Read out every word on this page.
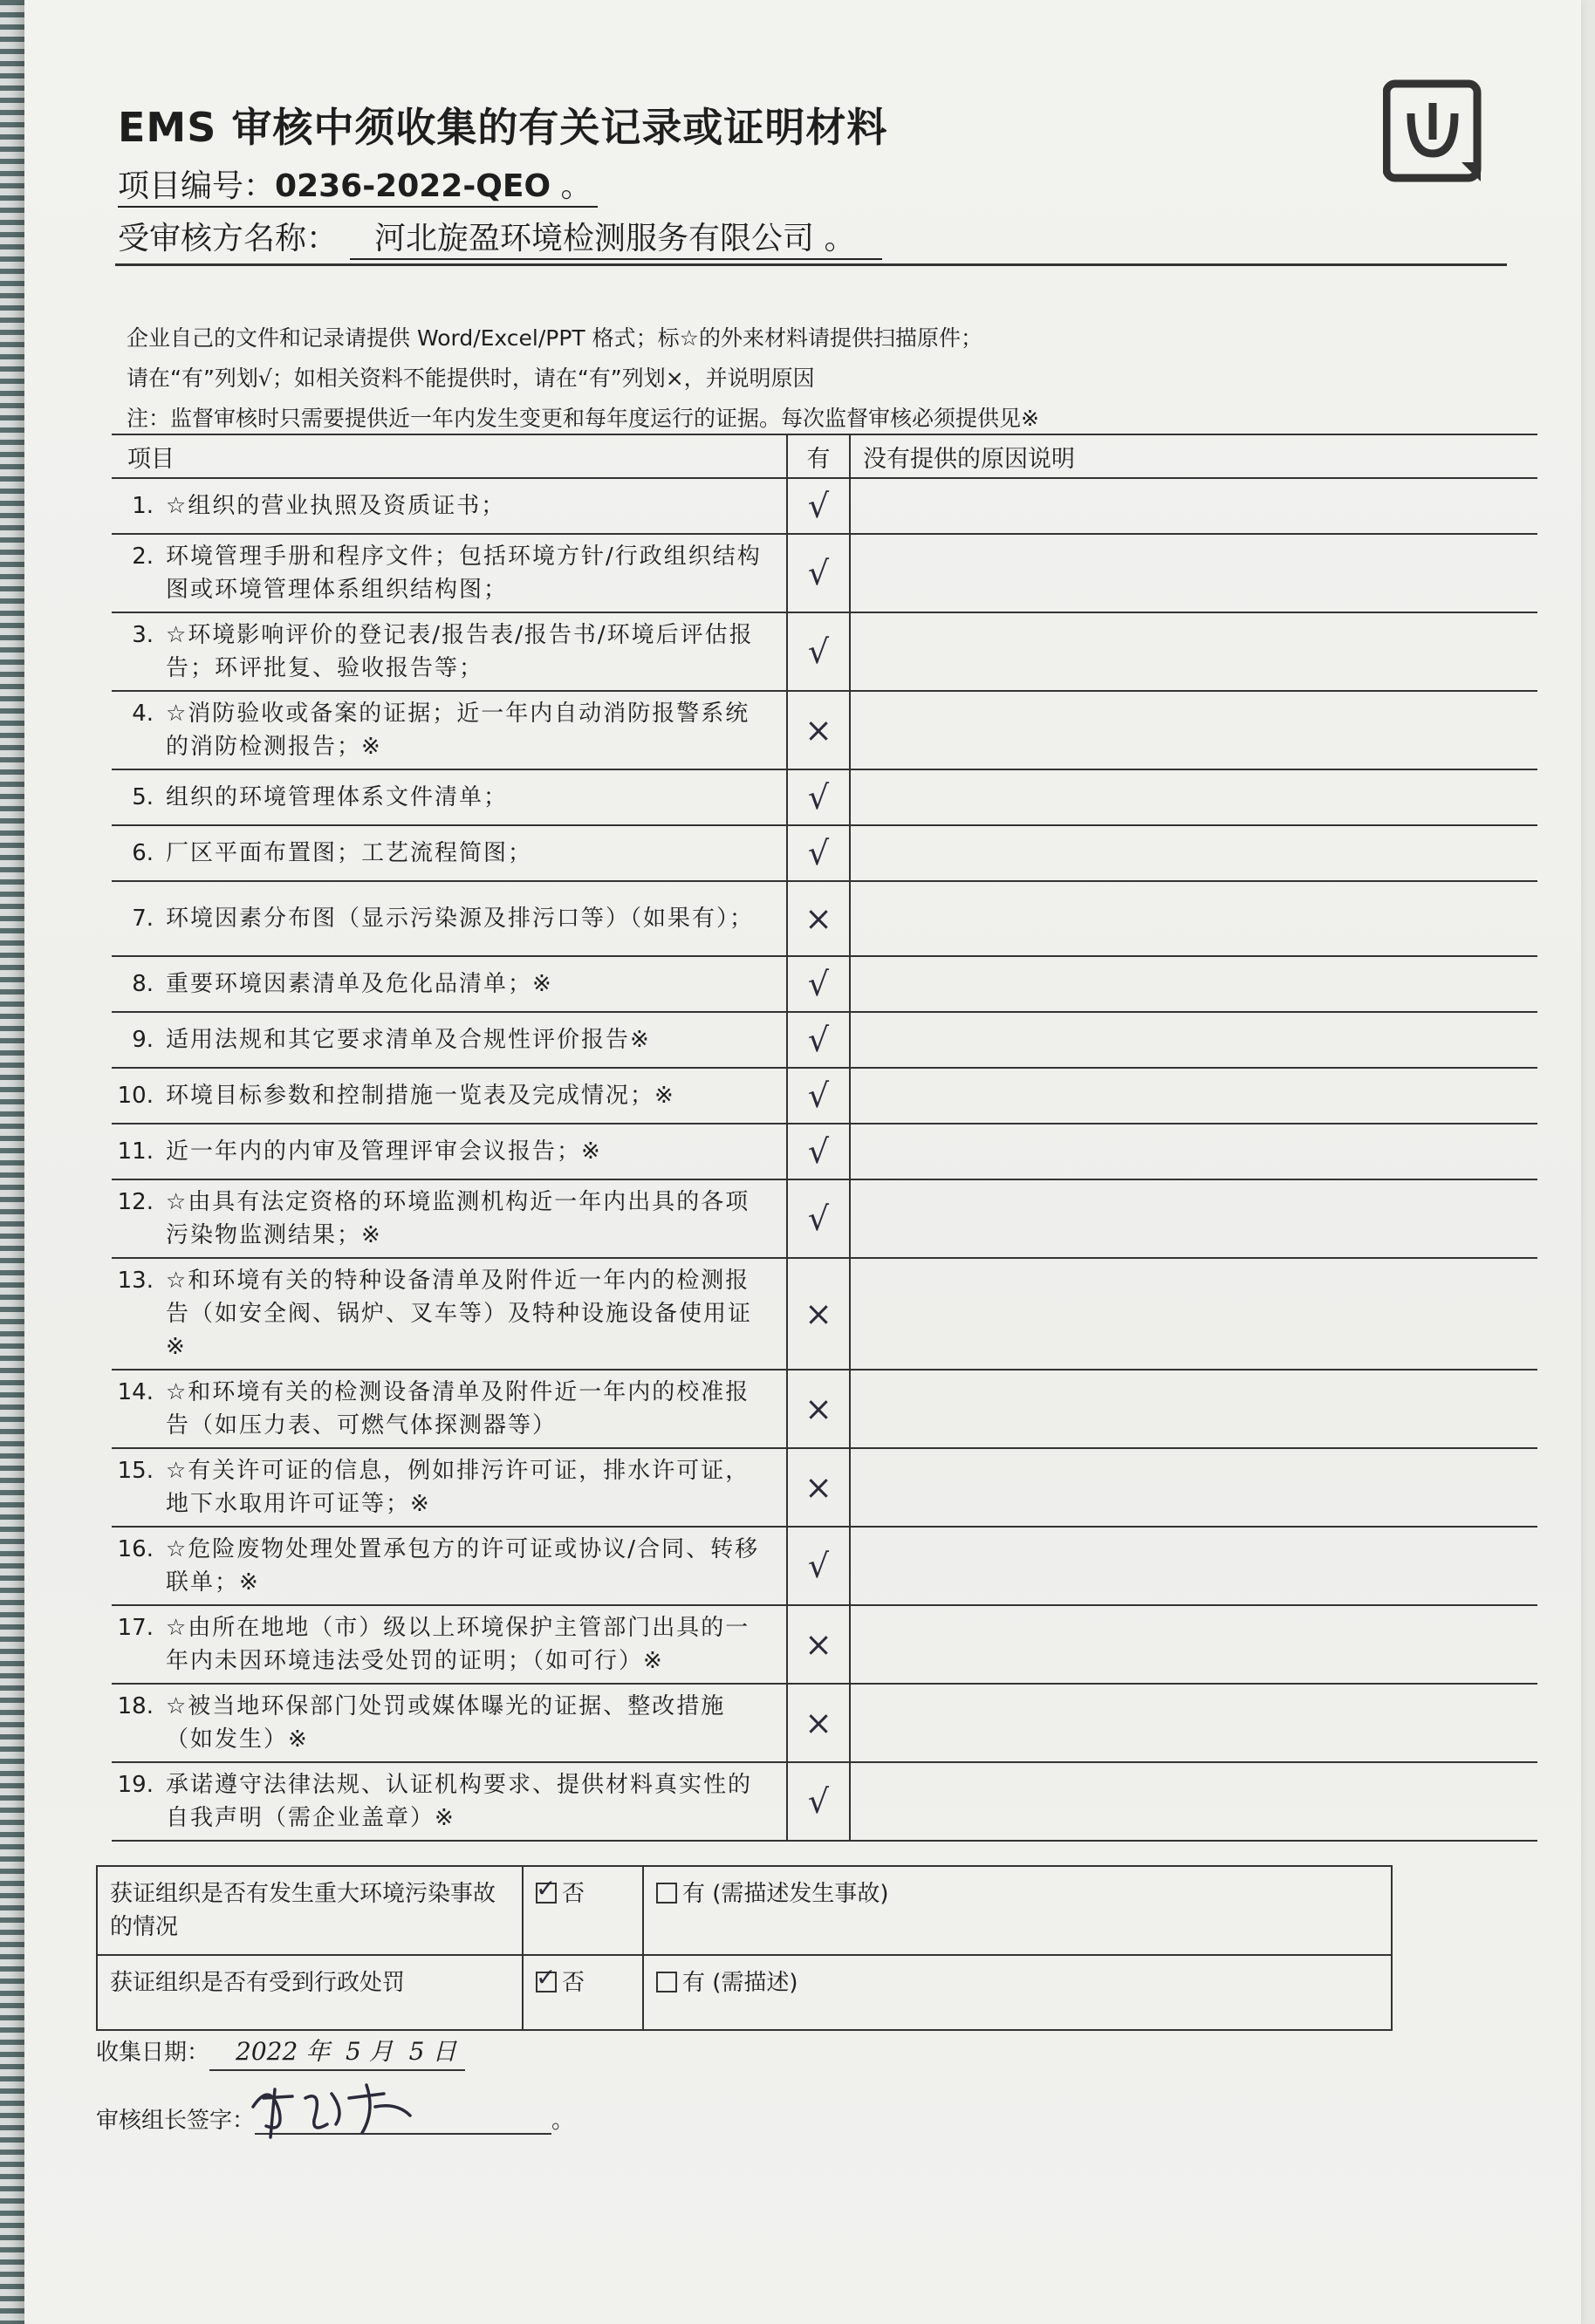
EMS 审核中须收集的有关记录或证明材料
项目编号：0236-2022-QEO 。
受审核方名称： 河北旋盈环境检测服务有限公司 。
企业自己的文件和记录请提供 Word/Excel/PPT 格式；标☆的外来材料请提供扫描原件；
请在“有”列划√；如相关资料不能提供时，请在“有”列划×，并说明原因
注：监督审核时只需要提供近一年内发生变更和每年度运行的证据。每次监督审核必须提供见※
项目	有	没有提供的原因说明

1. ☆组织的营业执照及资质证书；	√	

2. 环境管理手册和程序文件；包括环境方针/行政组织结构图或环境管理体系组织结构图；	√	

3. ☆环境影响评价的登记表/报告表/报告书/环境后评估报告；环评批复、验收报告等；	√	

4. ☆消防验收或备案的证据；近一年内自动消防报警系统的消防检测报告；※	×	

5. 组织的环境管理体系文件清单；	√	

6. 厂区平面布置图；工艺流程简图；	√	

7. 环境因素分布图（显示污染源及排污口等）（如果有）；	×	

8. 重要环境因素清单及危化品清单；※	√	

9. 适用法规和其它要求清单及合规性评价报告※	√	

10. 环境目标参数和控制措施一览表及完成情况；※	√	

11. 近一年内的内审及管理评审会议报告；※	√	

12. ☆由具有法定资格的环境监测机构近一年内出具的各项污染物监测结果；※	√	

13. ☆和环境有关的特种设备清单及附件近一年内的检测报告（如安全阀、锅炉、叉车等）及特种设施设备使用证※	×	

14. ☆和环境有关的检测设备清单及附件近一年内的校准报告（如压力表、可燃气体探测器等）	×	

15. ☆有关许可证的信息，例如排污许可证，排水许可证，地下水取用许可证等；※	×	

16. ☆危险废物处理处置承包方的许可证或协议/合同、转移联单；※	√	

17. ☆由所在地地（市）级以上环境保护主管部门出具的一年内未因环境违法受处罚的证明；（如可行）※	×	

18. ☆被当地环保部门处罚或媒体曝光的证据、整改措施（如发生）※	×	

19. 承诺遵守法律法规、认证机构要求、提供材料真实性的自我声明（需企业盖章）※	√	
获证组织是否有发生重大环境污染事故的情况	✓否	有 (需描述发生事故)
获证组织是否有受到行政处罚	✓否	有 (需描述)
收集日期： 2022 年 5 月 5 日
审核组长签字：	。
